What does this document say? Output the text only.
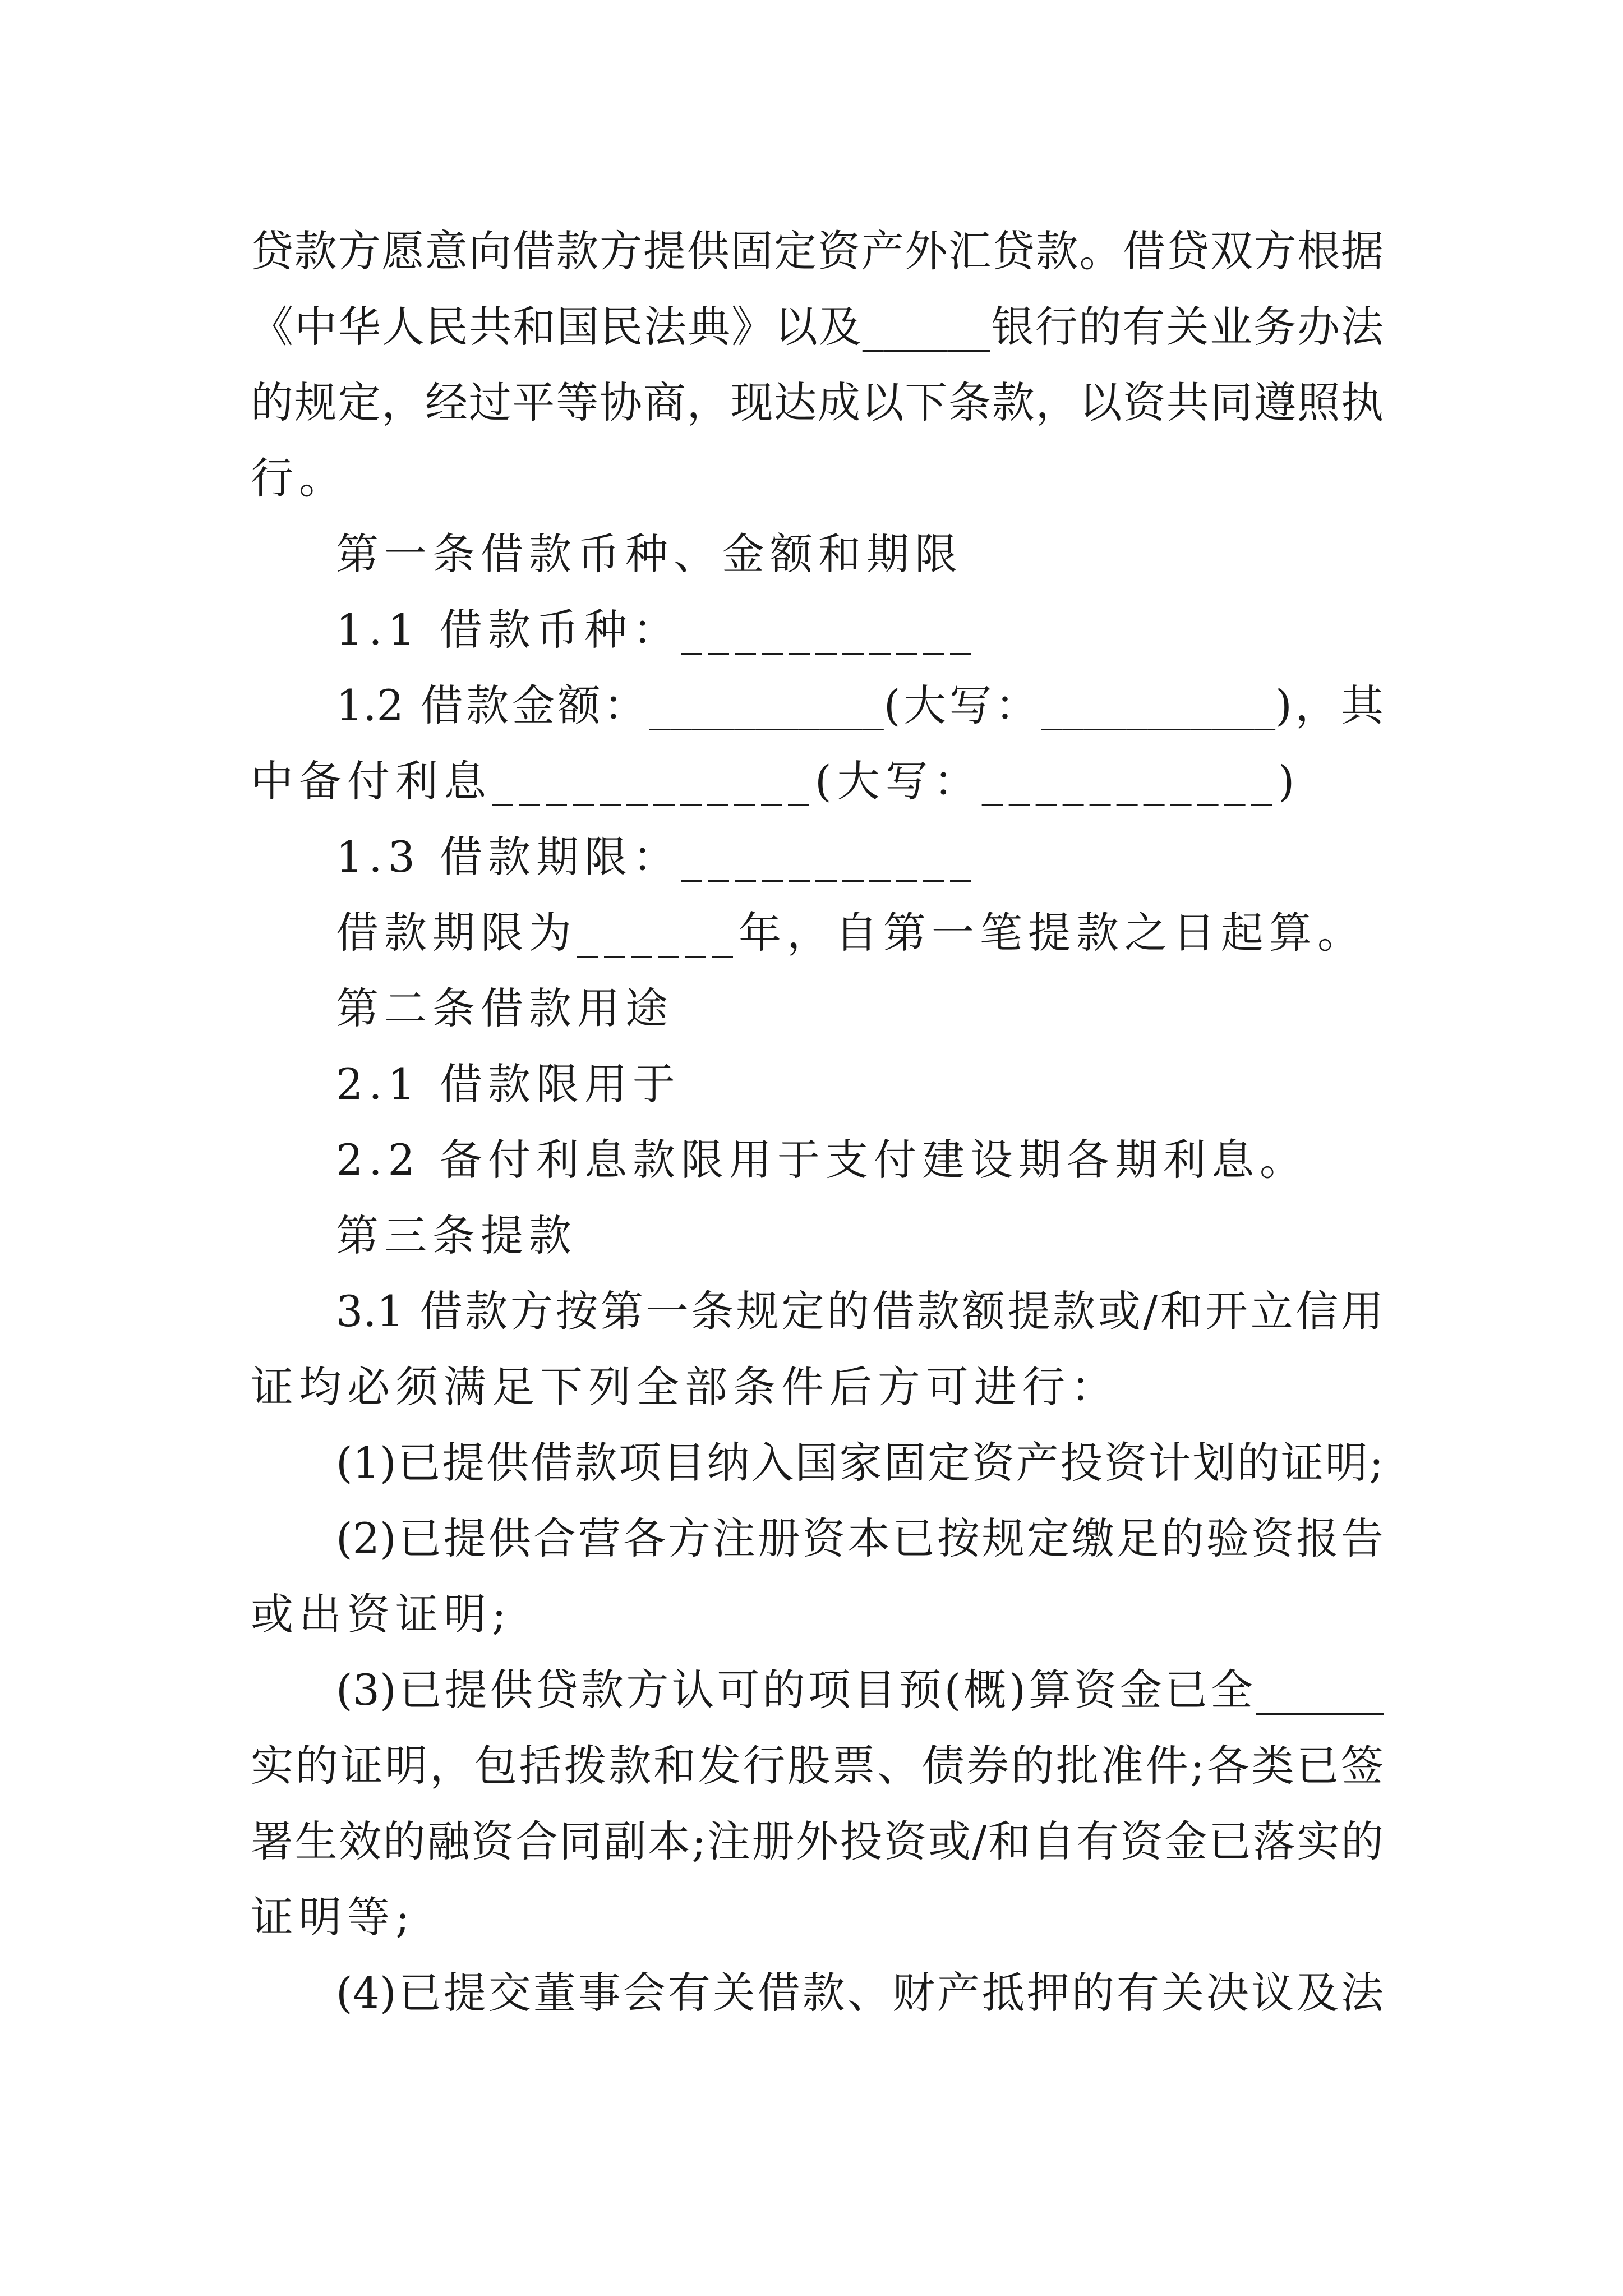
贷款方愿意向借款方提供固定资产外汇贷款。借贷双方根据
《中华人民共和国民法典》以及______银行的有关业务办法
的规定，经过平等协商，现达成以下条款，以资共同遵照执
行。
第一条借款币种、金额和期限
1.1 借款币种：___________
1.2 借款金额：___________(大写：___________)，其
中备付利息____________(大写：___________)
1.3 借款期限：___________
借款期限为______年，自第一笔提款之日起算。
第二条借款用途
2.1 借款限用于
2.2 备付利息款限用于支付建设期各期利息。
第三条提款
3.1 借款方按第一条规定的借款额提款或/和开立信用
证均必须满足下列全部条件后方可进行：
(1)已提供借款项目纳入国家固定资产投资计划的证明;
(2)已提供合营各方注册资本已按规定缴足的验资报告
或出资证明;
(3)已提供贷款方认可的项目预(概)算资金已全______
实的证明，包括拨款和发行股票、债券的批准件;各类已签
署生效的融资合同副本;注册外投资或/和自有资金已落实的
证明等;
(4)已提交董事会有关借款、财产抵押的有关决议及法
